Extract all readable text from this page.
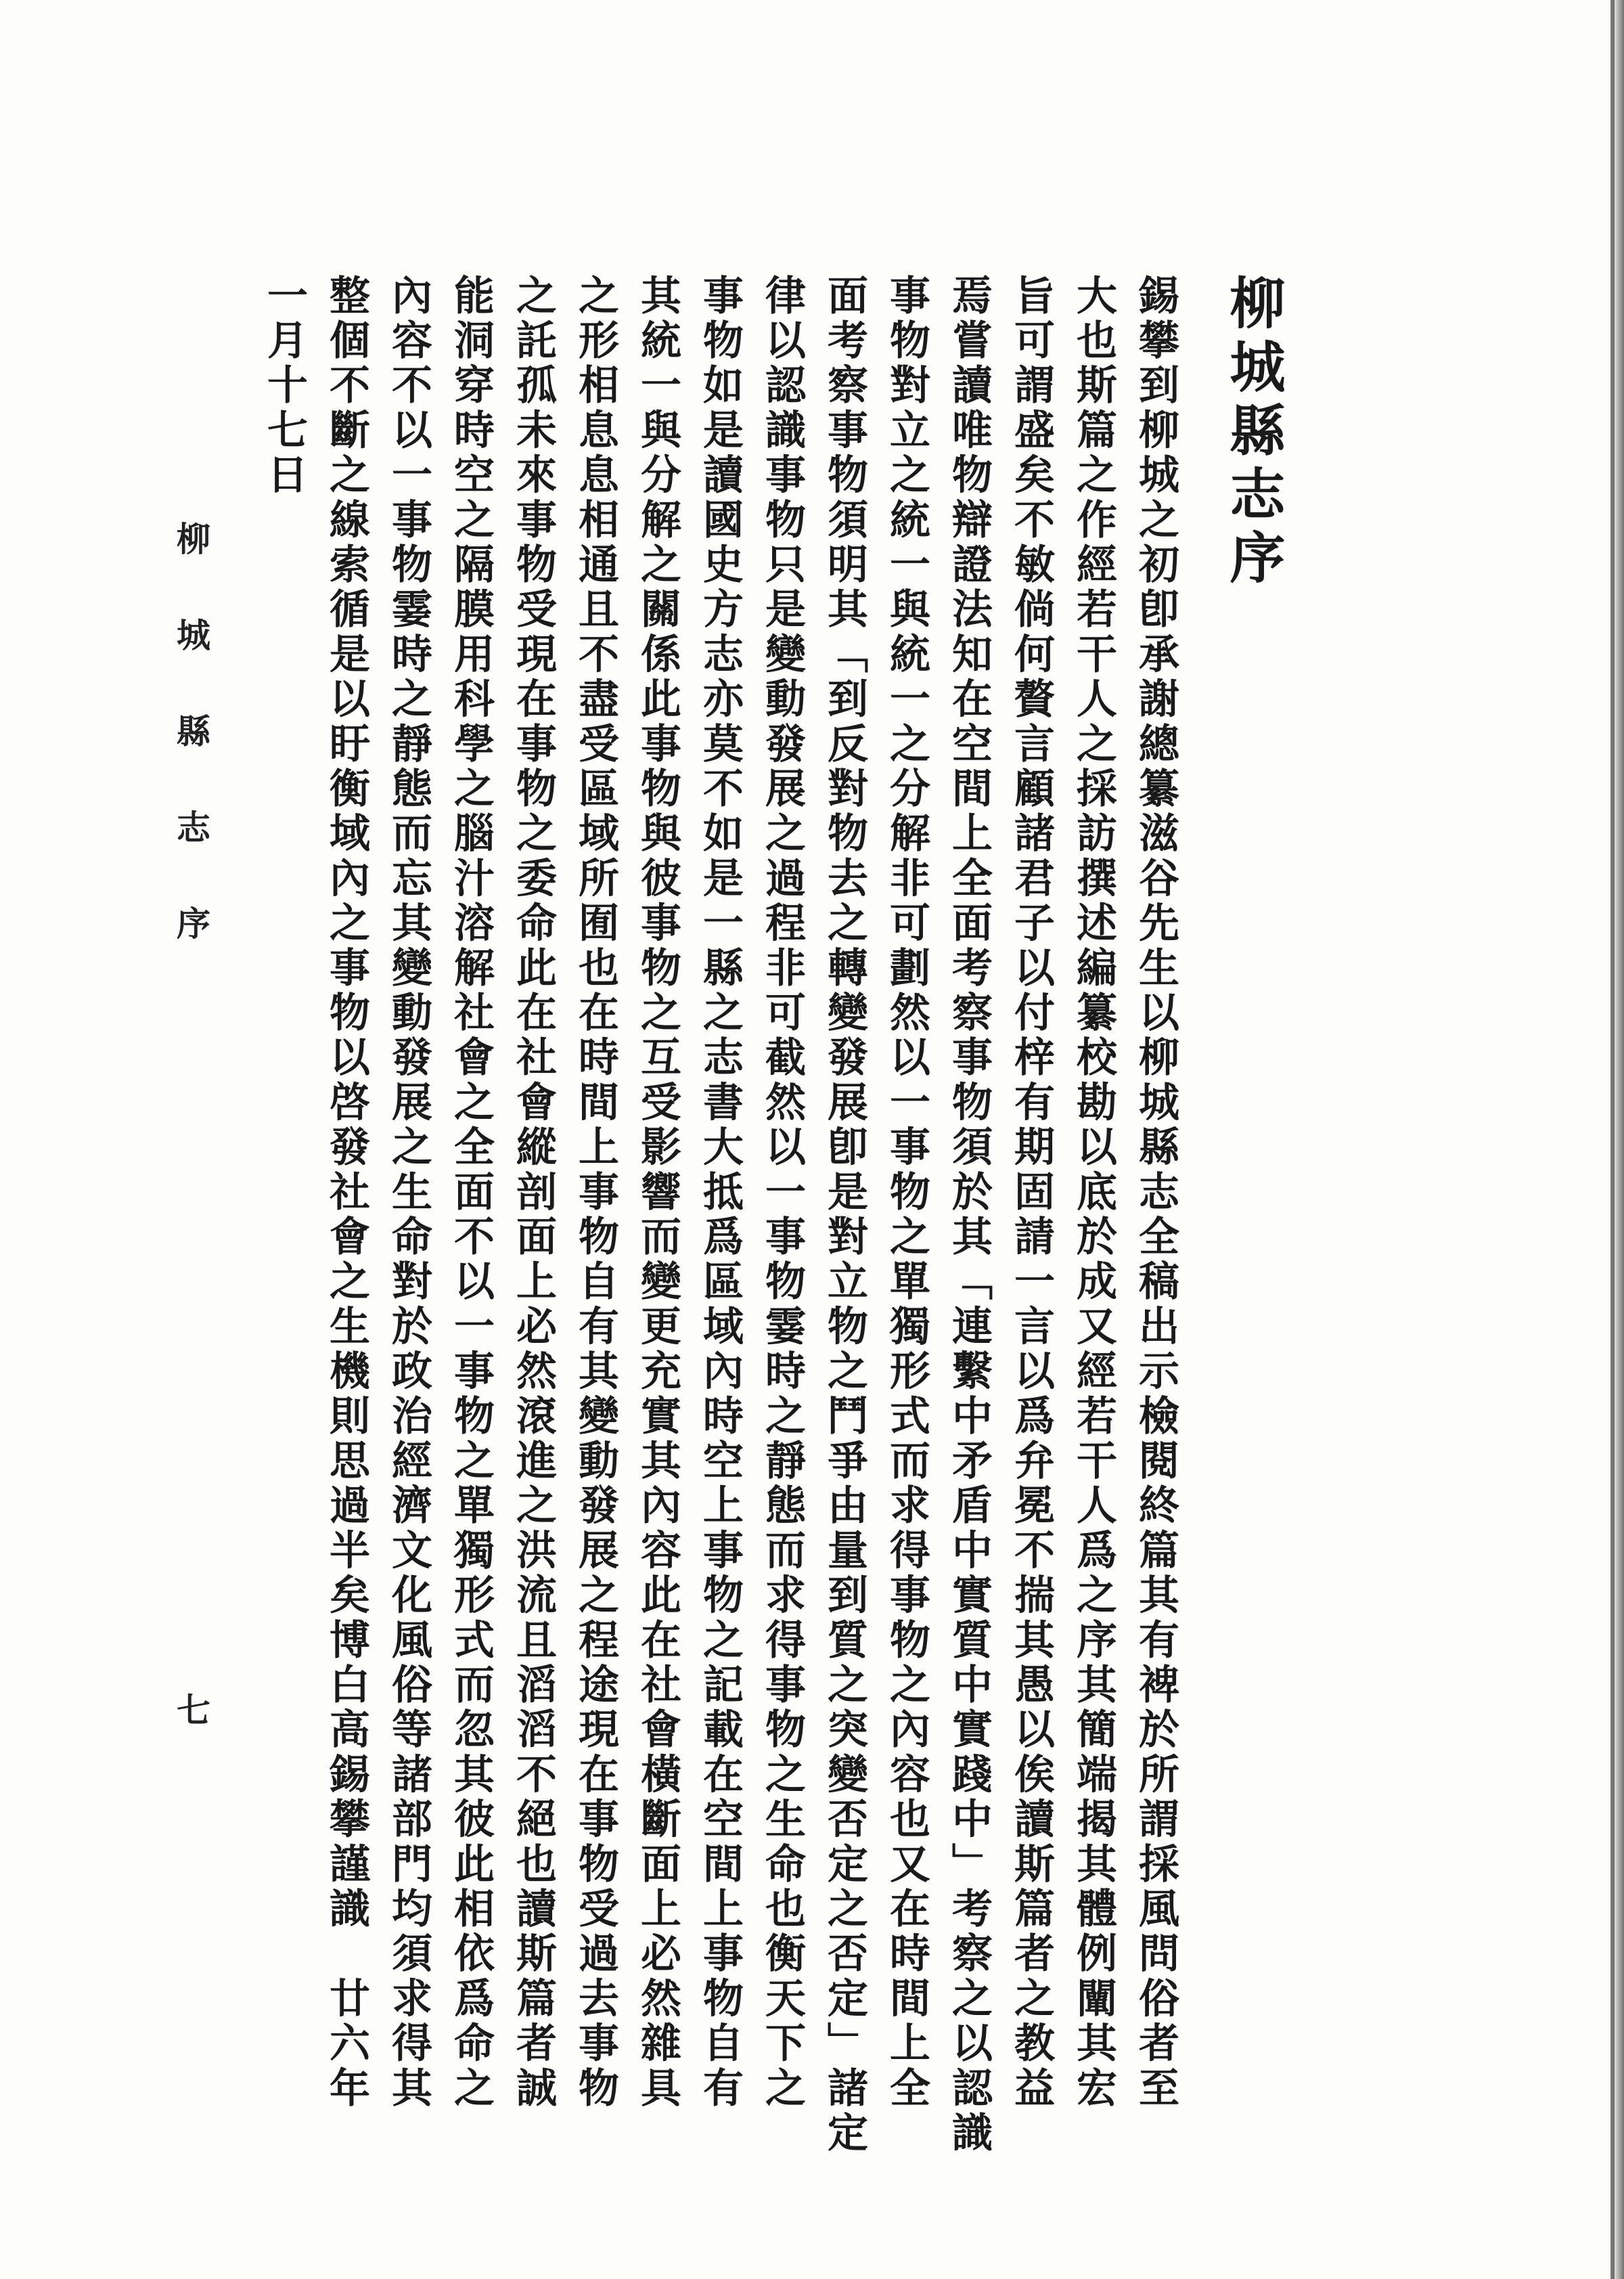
柳城縣志序
錫攀到柳城之初卽承謝總纂滋谷先生以柳城縣志全稿出示檢閱終篇其有裨於所謂採風問俗者至
大也斯篇之作經若干人之採訪撰述編纂校勘以底於成又經若干人爲之序其簡端揭其體例闡其宏
旨可謂盛矣不敏倘何贅言顧諸君子以付梓有期固請一言以爲弁冕不揣其愚以俟讀斯篇者之教益
焉嘗讀唯物辯證法知在空間上全面考察事物須於其「連繫中矛盾中實質中實踐中」考察之以認識
事物對立之統一與統一之分解非可劃然以一事物之單獨形式而求得事物之內容也又在時間上全
面考察事物須明其「到反對物去之轉變發展卽是對立物之鬥爭由量到質之突變否定之否定」諸定
律以認識事物只是變動發展之過程非可截然以一事物霎時之靜態而求得事物之生命也衡天下之
事物如是讀國史方志亦莫不如是一縣之志書大抵爲區域內時空上事物之記載在空間上事物自有
其統一與分解之關係此事物與彼事物之互受影響而變更充實其內容此在社會橫斷面上必然雜具
之形相息息相通且不盡受區域所囿也在時間上事物自有其變動發展之程途現在事物受過去事物
之託孤未來事物受現在事物之委命此在社會縱剖面上必然滾進之洪流且滔滔不絕也讀斯篇者誠
能洞穿時空之隔膜用科學之腦汁溶解社會之全面不以一事物之單獨形式而忽其彼此相依爲命之
內容不以一事物霎時之靜態而忘其變動發展之生命對於政治經濟文化風俗等諸部門均須求得其
整個不斷之線索循是以盱衡域內之事物以啓發社會之生機則思過半矣博白高錫攀謹識　廿六年
一月十七日
柳城縣志序
七
